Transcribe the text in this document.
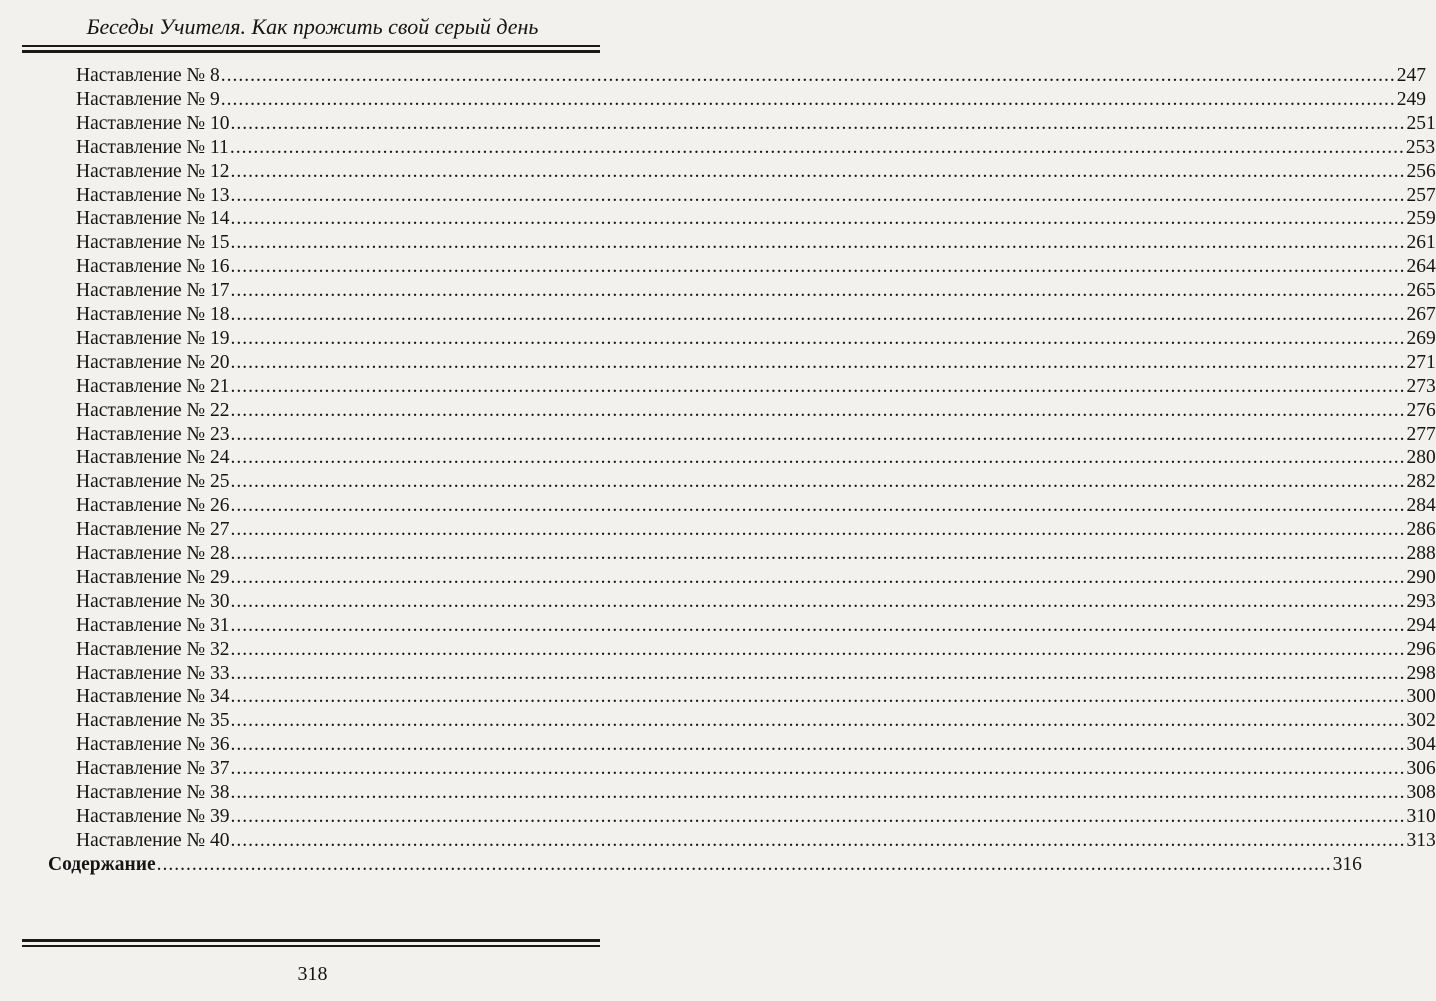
Беседы Учителя. Как прожить свой серый день
Наставление № 8 ........................................................................................................................................................................................................ 247
Наставление № 9 ........................................................................................................................................................................................................ 249
Наставление № 10 ........................................................................................................................................................................................................ 251
Наставление № 11 ........................................................................................................................................................................................................ 253
Наставление № 12 ........................................................................................................................................................................................................ 256
Наставление № 13 ........................................................................................................................................................................................................ 257
Наставление № 14 ........................................................................................................................................................................................................ 259
Наставление № 15 ........................................................................................................................................................................................................ 261
Наставление № 16 ........................................................................................................................................................................................................ 264
Наставление № 17 ........................................................................................................................................................................................................ 265
Наставление № 18 ........................................................................................................................................................................................................ 267
Наставление № 19 ........................................................................................................................................................................................................ 269
Наставление № 20 ........................................................................................................................................................................................................ 271
Наставление № 21 ........................................................................................................................................................................................................ 273
Наставление № 22 ........................................................................................................................................................................................................ 276
Наставление № 23 ........................................................................................................................................................................................................ 277
Наставление № 24 ........................................................................................................................................................................................................ 280
Наставление № 25 ........................................................................................................................................................................................................ 282
Наставление № 26 ........................................................................................................................................................................................................ 284
Наставление № 27 ........................................................................................................................................................................................................ 286
Наставление № 28 ........................................................................................................................................................................................................ 288
Наставление № 29 ........................................................................................................................................................................................................ 290
Наставление № 30 ........................................................................................................................................................................................................ 293
Наставление № 31 ........................................................................................................................................................................................................ 294
Наставление № 32 ........................................................................................................................................................................................................ 296
Наставление № 33 ........................................................................................................................................................................................................ 298
Наставление № 34 ........................................................................................................................................................................................................ 300
Наставление № 35 ........................................................................................................................................................................................................ 302
Наставление № 36 ........................................................................................................................................................................................................ 304
Наставление № 37 ........................................................................................................................................................................................................ 306
Наставление № 38 ........................................................................................................................................................................................................ 308
Наставление № 39 ........................................................................................................................................................................................................ 310
Наставление № 40 ........................................................................................................................................................................................................ 313
Содержание ........................................................................................................................................................................................................ 316
318
